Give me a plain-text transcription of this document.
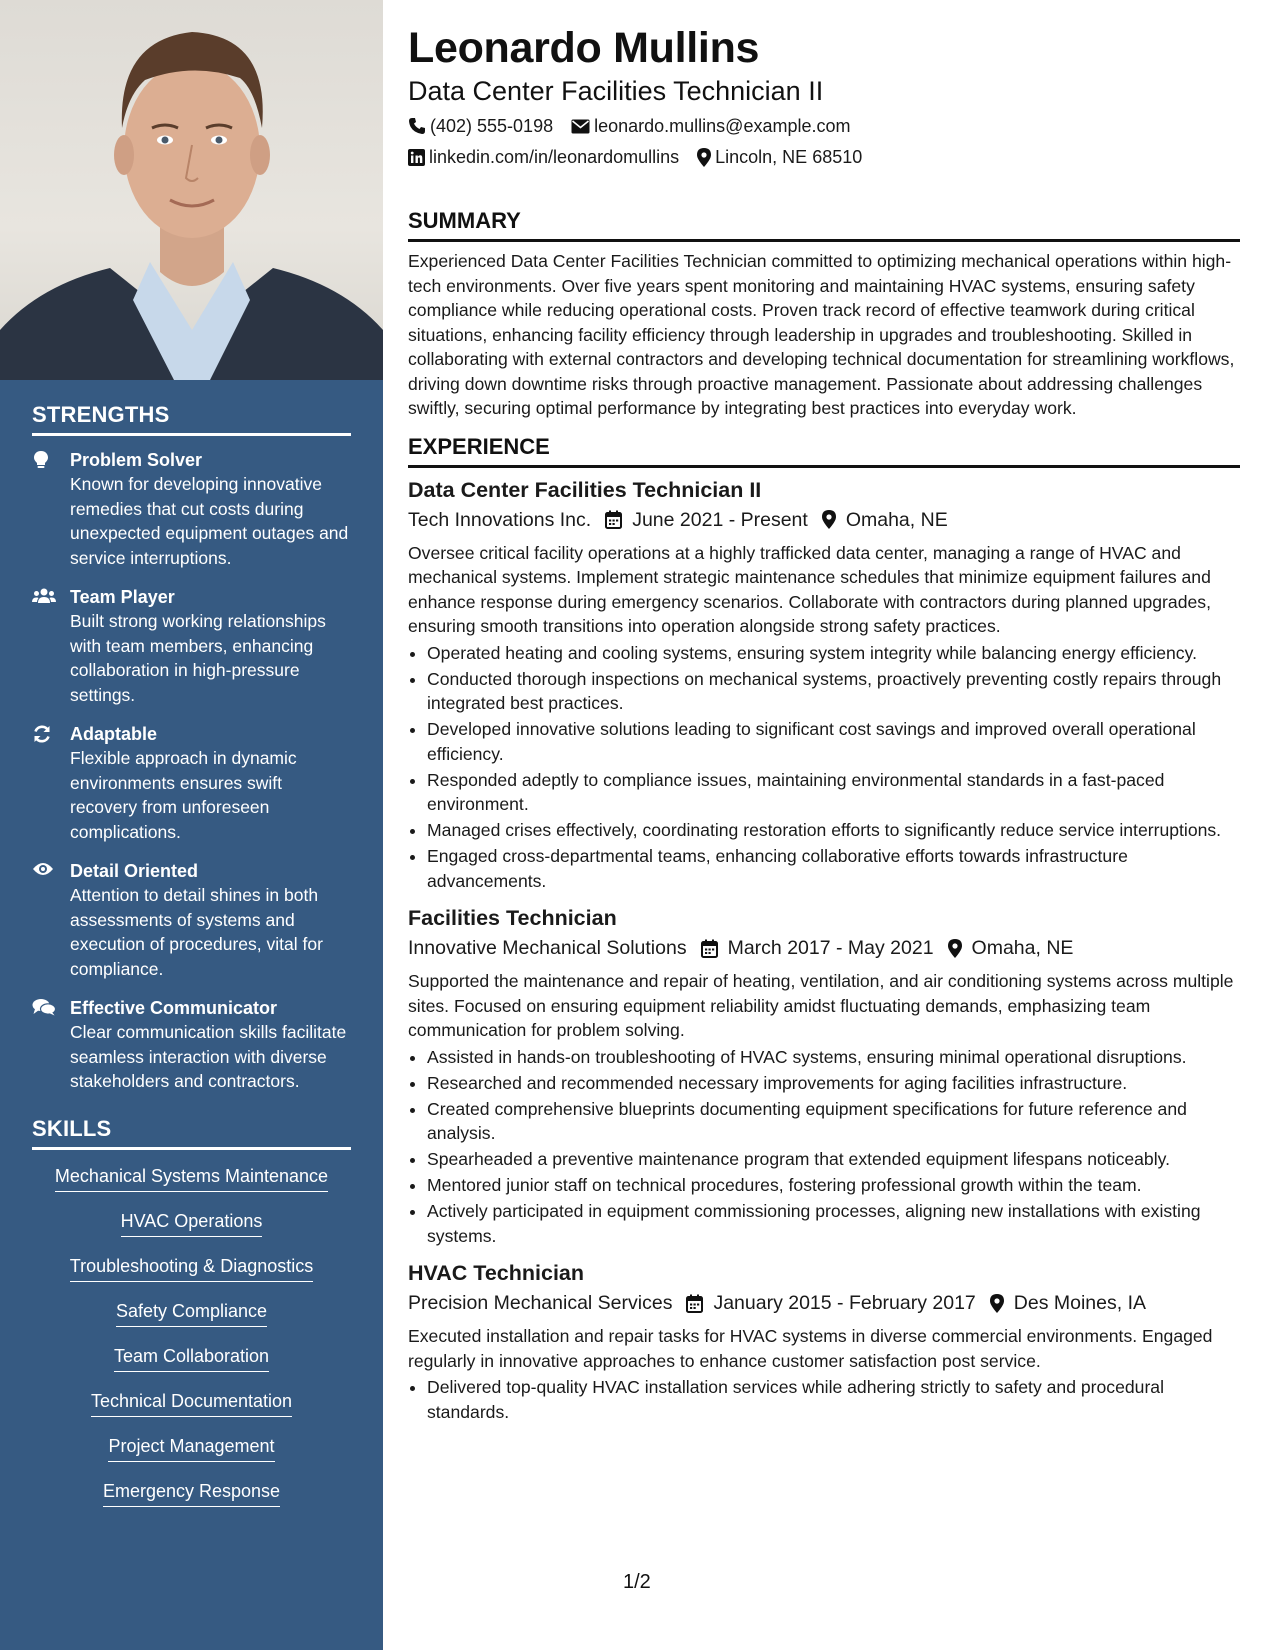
STRENGTHS
Problem Solver
Known for developing innovative remedies that cut costs during unexpected equipment outages and service interruptions.
Team Player
Built strong working relationships with team members, enhancing collaboration in high-pressure settings.
Adaptable
Flexible approach in dynamic environments ensures swift recovery from unforeseen complications.
Detail Oriented
Attention to detail shines in both assessments of systems and execution of procedures, vital for compliance.
Effective Communicator
Clear communication skills facilitate seamless interaction with diverse stakeholders and contractors.
SKILLS
Mechanical Systems Maintenance
HVAC Operations
Troubleshooting & Diagnostics
Safety Compliance
Team Collaboration
Technical Documentation
Project Management
Emergency Response
Leonardo Mullins
Data Center Facilities Technician II
(402) 555-0198 leonardo.mullins@example.com
linkedin.com/in/leonardomullins Lincoln, NE 68510
SUMMARY

Experienced Data Center Facilities Technician committed to optimizing mechanical operations within high-tech environments. Over five years spent monitoring and maintaining HVAC systems, ensuring safety compliance while reducing operational costs. Proven track record of effective teamwork during critical situations, enhancing facility efficiency through leadership in upgrades and troubleshooting. Skilled in collaborating with external contractors and developing technical documentation for streamlining workflows, driving down downtime risks through proactive management. Passionate about addressing challenges swiftly, securing optimal performance by integrating best practices into everyday work.

EXPERIENCE
Data Center Facilities Technician II
Tech Innovations Inc. June 2021 - Present Omaha, NE
Oversee critical facility operations at a highly trafficked data center, managing a range of HVAC and mechanical systems. Implement strategic maintenance schedules that minimize equipment failures and enhance response during emergency scenarios. Collaborate with contractors during planned upgrades, ensuring smooth transitions into operation alongside strong safety practices.
• Operated heating and cooling systems, ensuring system integrity while balancing energy efficiency.
• Conducted thorough inspections on mechanical systems, proactively preventing costly repairs through integrated best practices.
• Developed innovative solutions leading to significant cost savings and improved overall operational efficiency.
• Responded adeptly to compliance issues, maintaining environmental standards in a fast-paced environment.
• Managed crises effectively, coordinating restoration efforts to significantly reduce service interruptions.
• Engaged cross-departmental teams, enhancing collaborative efforts towards infrastructure advancements.
Facilities Technician
Innovative Mechanical Solutions March 2017 - May 2021 Omaha, NE
Supported the maintenance and repair of heating, ventilation, and air conditioning systems across multiple sites. Focused on ensuring equipment reliability amidst fluctuating demands, emphasizing team communication for problem solving.
• Assisted in hands-on troubleshooting of HVAC systems, ensuring minimal operational disruptions.
• Researched and recommended necessary improvements for aging facilities infrastructure.
• Created comprehensive blueprints documenting equipment specifications for future reference and analysis.
• Spearheaded a preventive maintenance program that extended equipment lifespans noticeably.
• Mentored junior staff on technical procedures, fostering professional growth within the team.
• Actively participated in equipment commissioning processes, aligning new installations with existing systems.
HVAC Technician
Precision Mechanical Services January 2015 - February 2017 Des Moines, IA
Executed installation and repair tasks for HVAC systems in diverse commercial environments. Engaged regularly in innovative approaches to enhance customer satisfaction post service.
• Delivered top-quality HVAC installation services while adhering strictly to safety and procedural standards.
1/2
